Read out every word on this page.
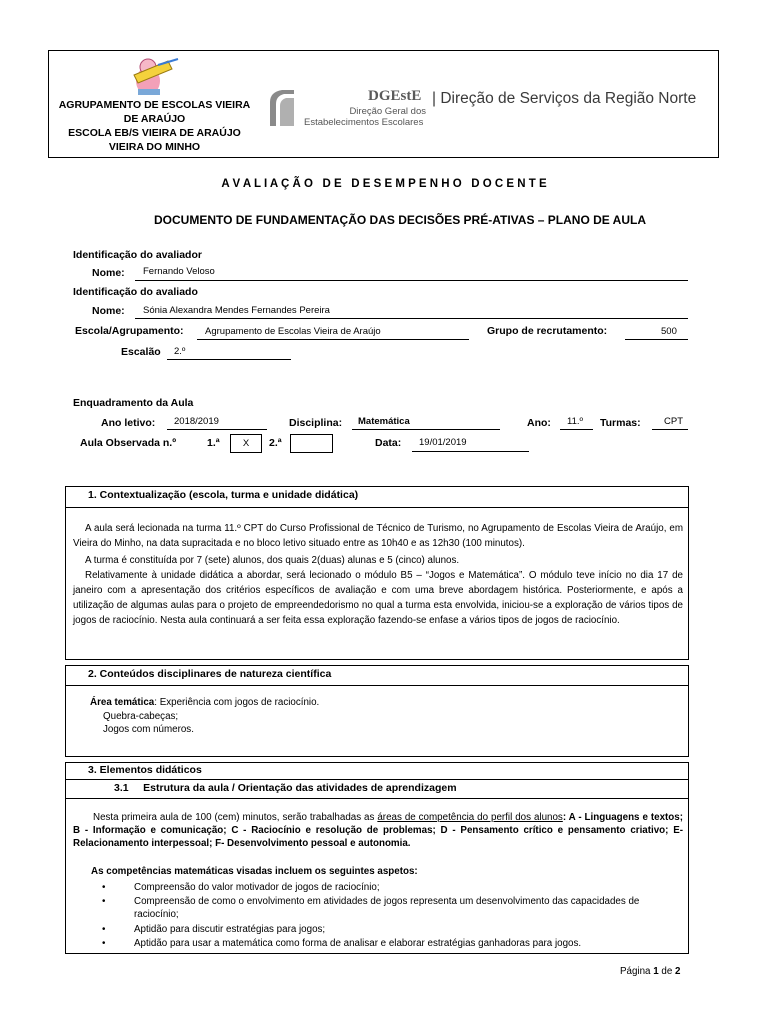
AGRUPAMENTO DE ESCOLAS VIEIRA DE ARAÚJO
ESCOLA EB/S VIEIRA DE ARAÚJO
VIEIRA DO MINHO
DGEstE
Direção Geral dos
Estabelecimentos Escolares
| Direção de Serviços da Região Norte
A V A L I A Ç Ã O   D E   D E S E M P E N H O   D O C E N T E
DOCUMENTO DE FUNDAMENTAÇÃO DAS DECISÕES PRÉ-ATIVAS – PLANO DE AULA
Identificação do avaliador
Nome: Fernando Veloso
Identificação do avaliado
Nome: Sónia Alexandra Mendes Fernandes Pereira
Escola/Agrupamento: Agrupamento de Escolas Vieira de Araújo	Grupo de recrutamento:	500
Escalão 2.º
Enquadramento da Aula
Ano letivo: 2018/2019	Disciplina: Matemática	Ano: 11.º Turmas: CPT
Aula Observada n.º	1.ª	X	2.ª	Data: 19/01/2019
1. Contextualização (escola, turma e unidade didática)
A aula será lecionada na turma 11.º CPT do Curso Profissional de Técnico de Turismo, no Agrupamento de Escolas Vieira de Araújo, em Vieira do Minho, na data supracitada e no bloco letivo situado entre as 10h40 e as 12h30 (100 minutos).
A turma é constituída por 7 (sete) alunos, dos quais 2(duas) alunas e 5 (cinco) alunos.
Relativamente à unidade didática a abordar, será lecionado o módulo B5 – “Jogos e Matemática”. O módulo teve início no dia 17 de janeiro com a apresentação dos critérios específicos de avaliação e com uma breve abordagem histórica. Posteriormente, e após a utilização de algumas aulas para o projeto de empreendedorismo no qual a turma esta envolvida, iniciou-se a exploração de vários tipos de jogos de raciocínio. Nesta aula continuará a ser feita essa exploração fazendo-se enfase a vários tipos de jogos de raciocínio.
2. Conteúdos disciplinares de natureza científica
Área temática: Experiência com jogos de raciocínio.
Quebra-cabeças;
Jogos com números.
3. Elementos didáticos
3.1     Estrutura da aula / Orientação das atividades de aprendizagem
Nesta primeira aula de 100 (cem) minutos, serão trabalhadas as áreas de competência do perfil dos alunos: A - Linguagens e textos; B - Informação e comunicação; C - Raciocínio e resolução de problemas; D - Pensamento crítico e pensamento criativo; E- Relacionamento interpessoal; F- Desenvolvimento pessoal e autonomia.
As competências matemáticas visadas incluem os seguintes aspetos:
•	Compreensão do valor motivador de jogos de raciocínio;
•	Compreensão de como o envolvimento em atividades de jogos representa um desenvolvimento das capacidades de raciocínio;
•	Aptidão para discutir estratégias para jogos;
•	Aptidão para usar a matemática como forma de analisar e elaborar estratégias ganhadoras para jogos.
Página 1 de 2
